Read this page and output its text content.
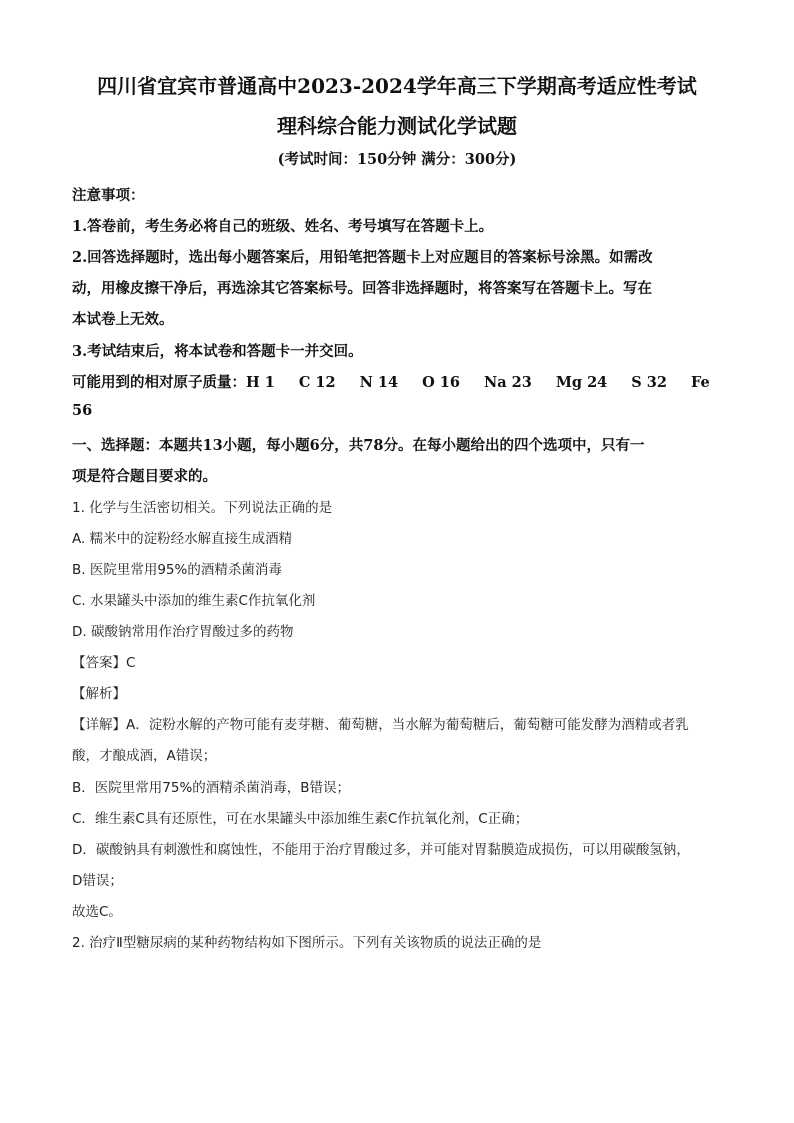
四川省宜宾市普通高中2023-2024学年高三下学期高考适应性考试
理科综合能力测试化学试题
(考试时间：150分钟 满分：300分)
注意事项：
1.答卷前，考生务必将自己的班级、姓名、考号填写在答题卡上。
2.回答选择题时，选出每小题答案后，用铅笔把答题卡上对应题目的答案标号涂黑。如需改
动，用橡皮擦干净后，再选涂其它答案标号。回答非选择题时，将答案写在答题卡上。写在
本试卷上无效。
3.考试结束后，将本试卷和答题卡一并交回。
可能用到的相对原子质量：H 1 C 12 N 14 O 16 Na 23 Mg 24 S 32 Fe
56
一、选择题：本题共13小题，每小题6分，共78分。在每小题给出的四个选项中，只有一
项是符合题目要求的。
1. 化学与生活密切相关。下列说法正确的是
A. 糯米中的淀粉经水解直接生成酒精
B. 医院里常用95%的酒精杀菌消毒
C. 水果罐头中添加的维生素C作抗氧化剂
D. 碳酸钠常用作治疗胃酸过多的药物
【答案】C
【解析】
【详解】A．淀粉水解的产物可能有麦芽糖、葡萄糖，当水解为葡萄糖后，葡萄糖可能发酵为酒精或者乳
酸，才酿成酒，A错误；
B．医院里常用75%的酒精杀菌消毒，B错误；
C．维生素C具有还原性，可在水果罐头中添加维生素C作抗氧化剂，C正确；
D．碳酸钠具有刺激性和腐蚀性，不能用于治疗胃酸过多，并可能对胃黏膜造成损伤，可以用碳酸氢钠，
D错误；
故选C。
2. 治疗Ⅱ型糖尿病的某种药物结构如下图所示。下列有关该物质的说法正确的是
